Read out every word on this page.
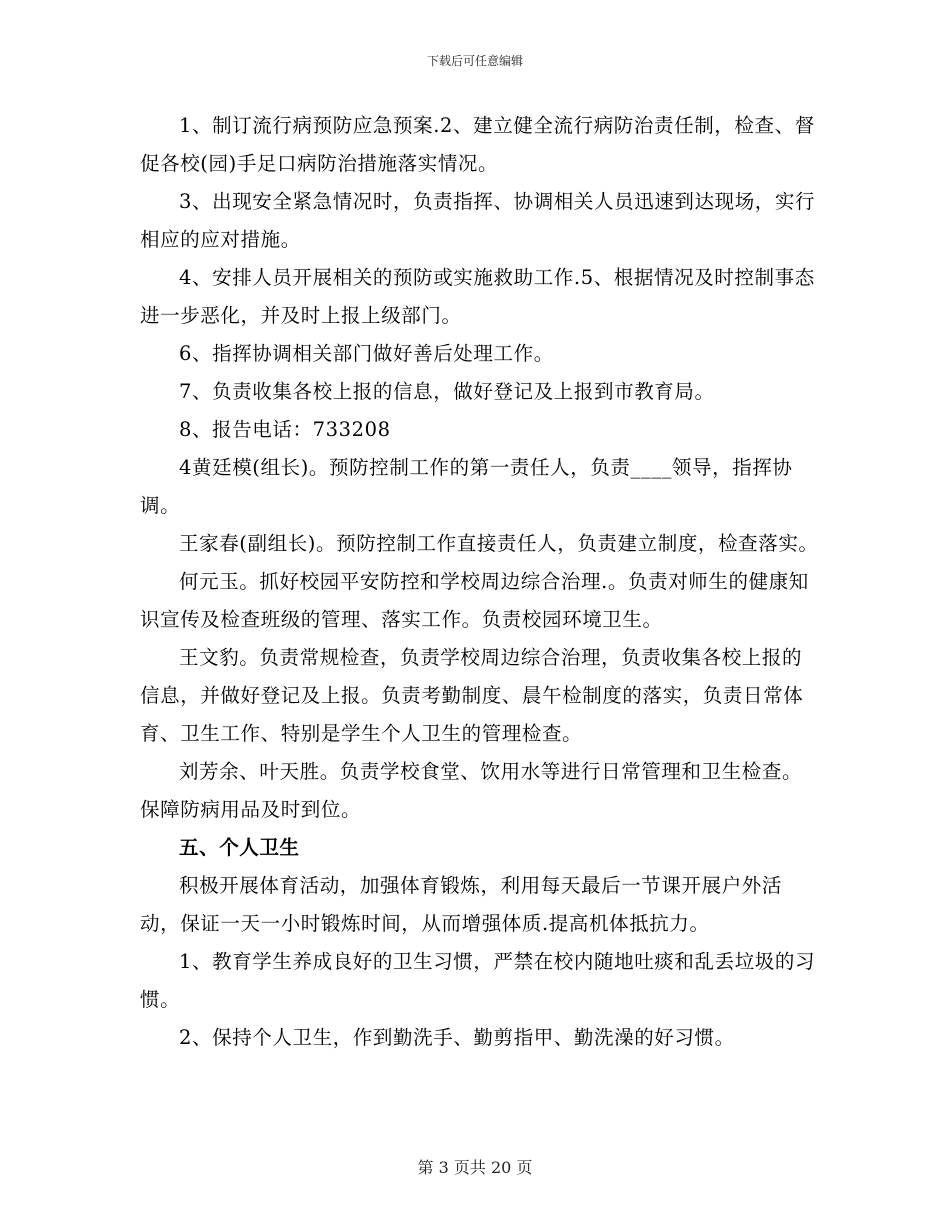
下载后可任意编辑

1、制订流行病预防应急预案.2、建立健全流行病防治责任制，检查、督促各校(园)手足口病防治措施落实情况。

3、出现安全紧急情况时，负责指挥、协调相关人员迅速到达现场，实行相应的应对措施。

4、安排人员开展相关的预防或实施救助工作.5、根据情况及时控制事态进一步恶化，并及时上报上级部门。

6、指挥协调相关部门做好善后处理工作。

7、负责收集各校上报的信息，做好登记及上报到市教育局。

8、报告电话：733208

4黄廷模(组长)。预防控制工作的第一责任人，负责____领导，指挥协调。

王家春(副组长)。预防控制工作直接责任人，负责建立制度，检查落实。

何元玉。抓好校园平安防控和学校周边综合治理.。负责对师生的健康知识宣传及检查班级的管理、落实工作。负责校园环境卫生。

王文豹。负责常规检查，负责学校周边综合治理，负责收集各校上报的信息，并做好登记及上报。负责考勤制度、晨午检制度的落实，负责日常体育、卫生工作、特别是学生个人卫生的管理检查。

刘芳余、叶天胜。负责学校食堂、饮用水等进行日常管理和卫生检查。保障防病用品及时到位。

五、个人卫生

积极开展体育活动，加强体育锻炼，利用每天最后一节课开展户外活动，保证一天一小时锻炼时间，从而增强体质.提高机体抵抗力。

1、教育学生养成良好的卫生习惯，严禁在校内随地吐痰和乱丢垃圾的习惯。

2、保持个人卫生，作到勤洗手、勤剪指甲、勤洗澡的好习惯。

第 3 页共 20 页
